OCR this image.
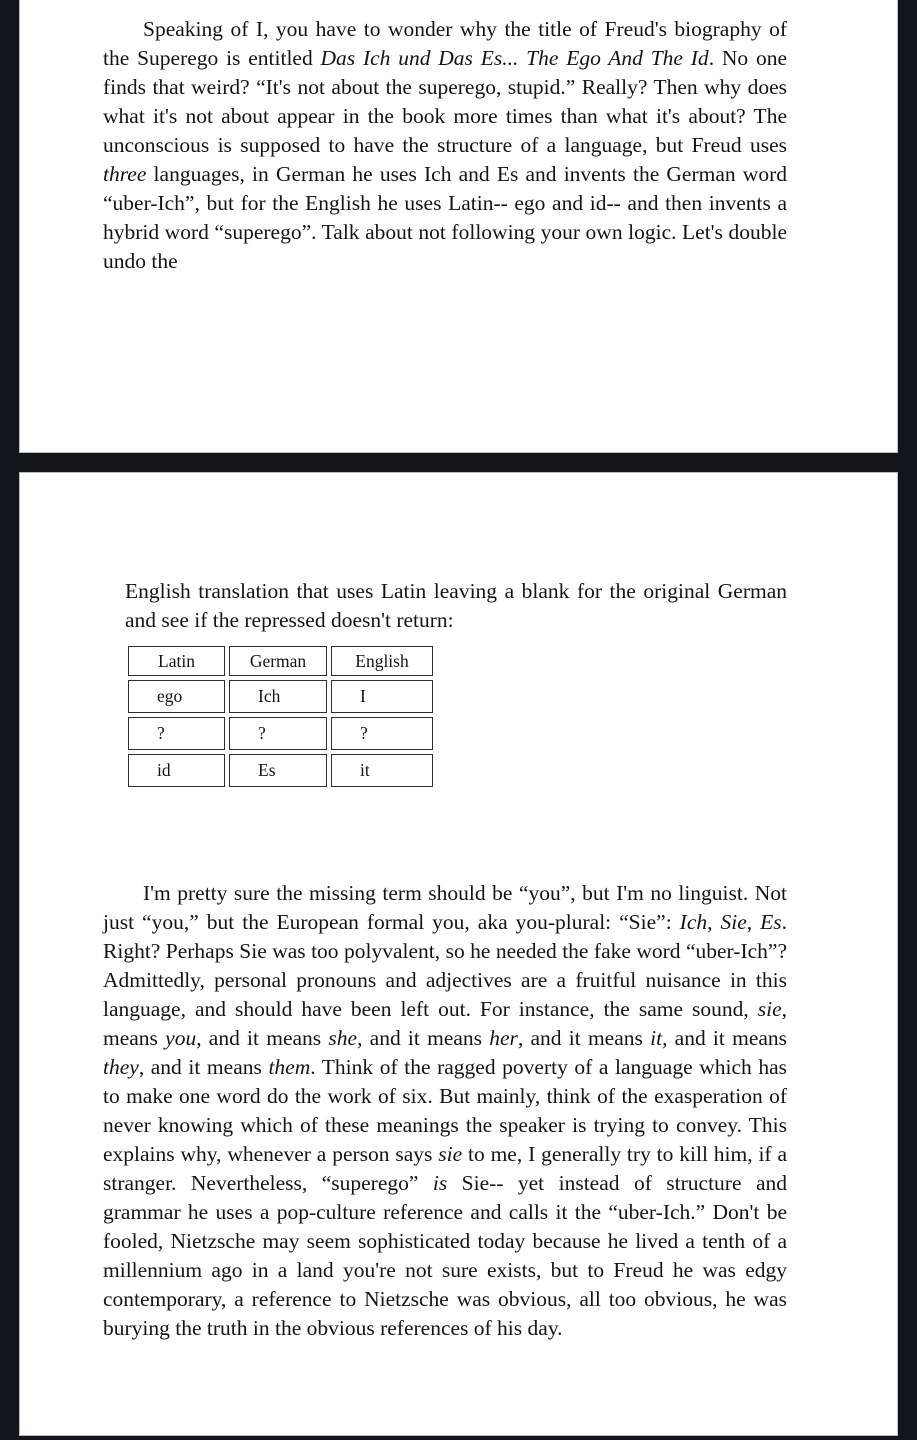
Speaking of I, you have to wonder why the title of Freud's biography of the Superego is entitled Das Ich und Das Es... The Ego And The Id. No one finds that weird? “It's not about the superego, stupid.” Really? Then why does what it's not about appear in the book more times than what it's about? The unconscious is supposed to have the structure of a language, but Freud uses three languages, in German he uses Ich and Es and invents the German word “uber-Ich”, but for the English he uses Latin-- ego and id-- and then invents a hybrid word “superego”. Talk about not following your own logic. Let's double undo the

English translation that uses Latin leaving a blank for the original German and see if the repressed doesn't return:

Latin	German	English
ego	Ich	I
?	?	?
id	Es	it

I'm pretty sure the missing term should be “you”, but I'm no linguist. Not just “you,” but the European formal you, aka you-plural: “Sie”: Ich, Sie, Es. Right? Perhaps Sie was too polyvalent, so he needed the fake word “uber-Ich”? Admittedly, personal pronouns and adjectives are a fruitful nuisance in this language, and should have been left out. For instance, the same sound, sie, means you, and it means she, and it means her, and it means it, and it means they, and it means them. Think of the ragged poverty of a language which has to make one word do the work of six. But mainly, think of the exasperation of never knowing which of these meanings the speaker is trying to convey. This explains why, whenever a person says sie to me, I generally try to kill him, if a stranger. Nevertheless, “superego” is Sie-- yet instead of structure and grammar he uses a pop-culture reference and calls it the “uber-Ich.” Don't be fooled, Nietzsche may seem sophisticated today because he lived a tenth of a millennium ago in a land you're not sure exists, but to Freud he was edgy contemporary, a reference to Nietzsche was obvious, all too obvious, he was burying the truth in the obvious references of his day.
